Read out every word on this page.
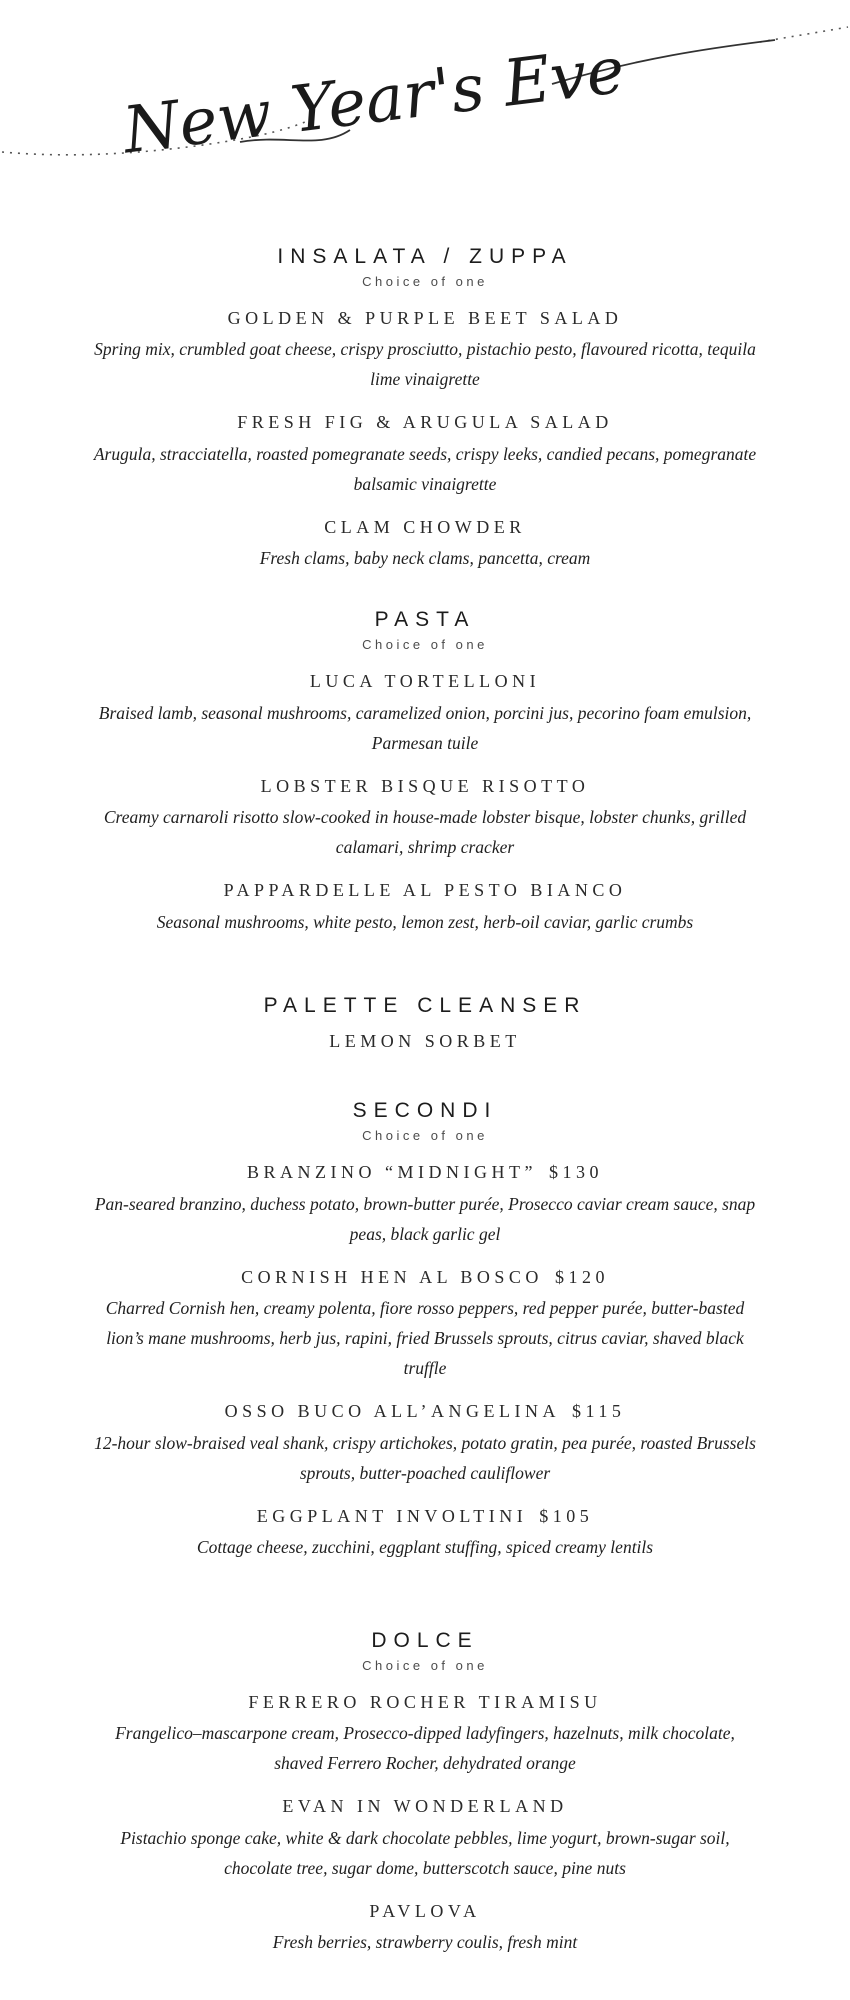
New Year's Eve
INSALATA / ZUPPA
Choice of one
GOLDEN & PURPLE BEET SALAD

Spring mix, crumbled goat cheese, crispy prosciutto, pistachio pesto, flavoured ricotta, tequila lime vinaigrette

FRESH FIG & ARUGULA SALAD

Arugula, stracciatella, roasted pomegranate seeds, crispy leeks, candied pecans, pomegranate balsamic vinaigrette

CLAM CHOWDER

Fresh clams, baby neck clams, pancetta, cream

PASTA
Choice of one
LUCA TORTELLONI

Braised lamb, seasonal mushrooms, caramelized onion, porcini jus, pecorino foam emulsion, Parmesan tuile

LOBSTER BISQUE RISOTTO

Creamy carnaroli risotto slow-cooked in house-made lobster bisque, lobster chunks, grilled calamari, shrimp cracker

PAPPARDELLE AL PESTO BIANCO

Seasonal mushrooms, white pesto, lemon zest, herb-oil caviar, garlic crumbs

PALETTE CLEANSER
LEMON SORBET
SECONDI
Choice of one
BRANZINO “MIDNIGHT” $130

Pan-seared branzino, duchess potato, brown-butter purée, Prosecco caviar cream sauce, snap peas, black garlic gel

CORNISH HEN AL BOSCO $120

Charred Cornish hen, creamy polenta, fiore rosso peppers, red pepper purée, butter-basted lion’s mane mushrooms, herb jus, rapini, fried Brussels sprouts, citrus caviar, shaved black truffle

OSSO BUCO ALL’ANGELINA $115

12-hour slow-braised veal shank, crispy artichokes, potato gratin, pea purée, roasted Brussels sprouts, butter-poached cauliflower

EGGPLANT INVOLTINI $105

Cottage cheese, zucchini, eggplant stuffing, spiced creamy lentils

DOLCE
Choice of one
FERRERO ROCHER TIRAMISU

Frangelico–mascarpone cream, Prosecco-dipped ladyfingers, hazelnuts, milk chocolate, shaved Ferrero Rocher, dehydrated orange

EVAN IN WONDERLAND

Pistachio sponge cake, white & dark chocolate pebbles, lime yogurt, brown-sugar soil, chocolate tree, sugar dome, butterscotch sauce, pine nuts

PAVLOVA

Fresh berries, strawberry coulis, fresh mint
